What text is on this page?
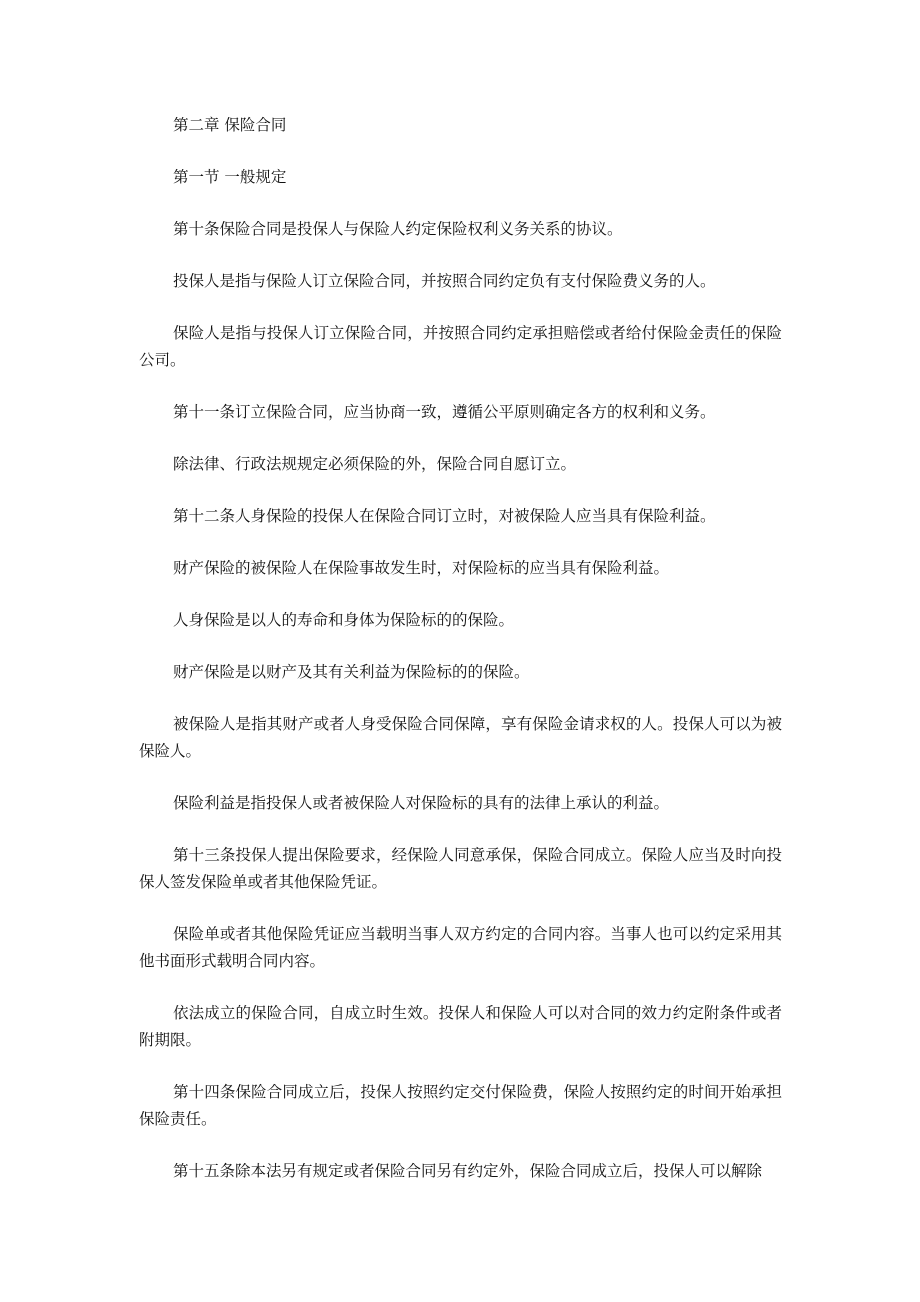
第二章 保险合同

第一节 一般规定

第十条保险合同是投保人与保险人约定保险权利义务关系的协议。

投保人是指与保险人订立保险合同，并按照合同约定负有支付保险费义务的人。

保险人是指与投保人订立保险合同，并按照合同约定承担赔偿或者给付保险金责任的保险公司。

第十一条订立保险合同，应当协商一致，遵循公平原则确定各方的权利和义务。

除法律、行政法规规定必须保险的外，保险合同自愿订立。

第十二条人身保险的投保人在保险合同订立时，对被保险人应当具有保险利益。

财产保险的被保险人在保险事故发生时，对保险标的应当具有保险利益。

人身保险是以人的寿命和身体为保险标的的保险。

财产保险是以财产及其有关利益为保险标的的保险。

被保险人是指其财产或者人身受保险合同保障，享有保险金请求权的人。投保人可以为被保险人。

保险利益是指投保人或者被保险人对保险标的具有的法律上承认的利益。

第十三条投保人提出保险要求，经保险人同意承保，保险合同成立。保险人应当及时向投保人签发保险单或者其他保险凭证。

保险单或者其他保险凭证应当载明当事人双方约定的合同内容。当事人也可以约定采用其他书面形式载明合同内容。

依法成立的保险合同，自成立时生效。投保人和保险人可以对合同的效力约定附条件或者附期限。

第十四条保险合同成立后，投保人按照约定交付保险费，保险人按照约定的时间开始承担保险责任。

第十五条除本法另有规定或者保险合同另有约定外，保险合同成立后，投保人可以解除
